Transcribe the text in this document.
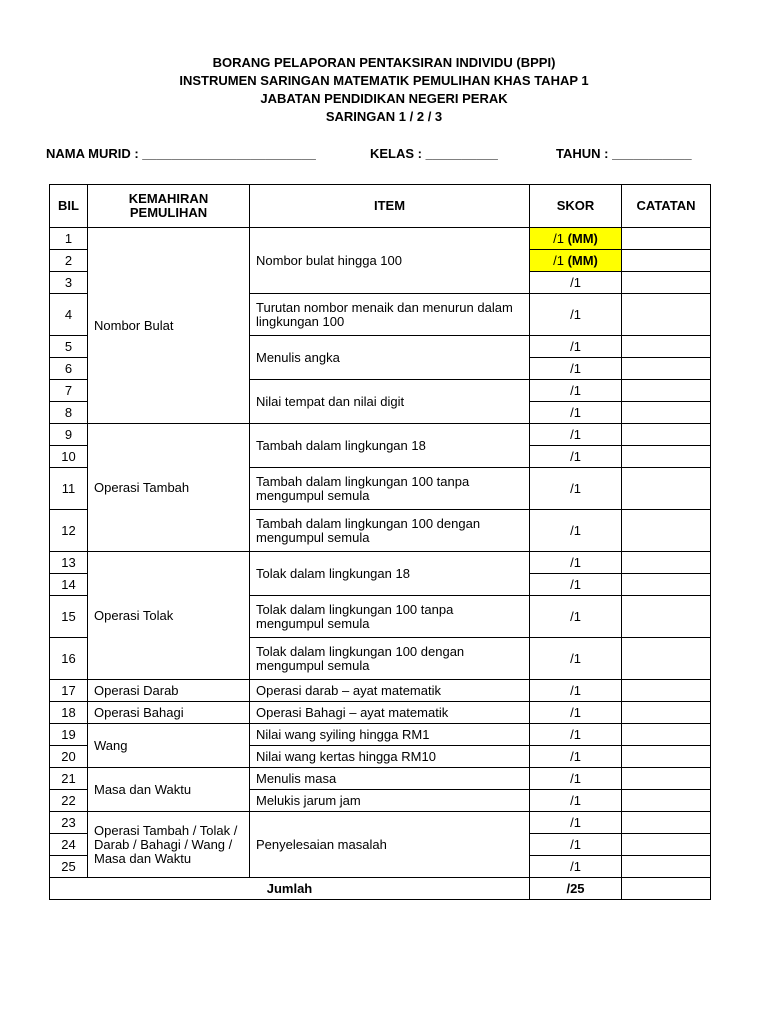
BORANG PELAPORAN PENTAKSIRAN INDIVIDU (BPPI)
INSTRUMEN SARINGAN MATEMATIK PEMULIHAN KHAS TAHAP 1
JABATAN PENDIDIKAN NEGERI PERAK
SARINGAN 1 / 2 / 3
NAMA MURID : ________________________	KELAS : __________	TAHUN : ___________
BIL	KEMAHIRAN PEMULIHAN	ITEM	SKOR	CATATAN
1	Nombor Bulat	Nombor bulat hingga 100	/1 (MM)	
2			/1 (MM)	
3			/1	
4		Turutan nombor menaik dan menurun dalam lingkungan 100	/1	
5		Menulis angka	/1	
6			/1	
7		Nilai tempat dan nilai digit	/1	
8			/1	
9	Operasi Tambah	Tambah dalam lingkungan 18	/1	
10			/1	
11		Tambah dalam lingkungan 100 tanpa mengumpul semula	/1	
12		Tambah dalam lingkungan 100 dengan mengumpul semula	/1	
13	Operasi Tolak	Tolak dalam lingkungan 18	/1	
14			/1	
15		Tolak dalam lingkungan 100 tanpa mengumpul semula	/1	
16		Tolak dalam lingkungan 100 dengan mengumpul semula	/1	
17	Operasi Darab	Operasi darab – ayat matematik	/1	
18	Operasi Bahagi	Operasi Bahagi – ayat matematik	/1	
19	Wang	Nilai wang syiling hingga RM1	/1	
20		Nilai wang kertas hingga RM10	/1	
21	Masa dan Waktu	Menulis masa	/1	
22		Melukis jarum jam	/1	
23	Operasi Tambah / Tolak / Darab / Bahagi / Wang / Masa dan Waktu	Penyelesaian masalah	/1	
24			/1	
25			/1	
Jumlah			/25	
